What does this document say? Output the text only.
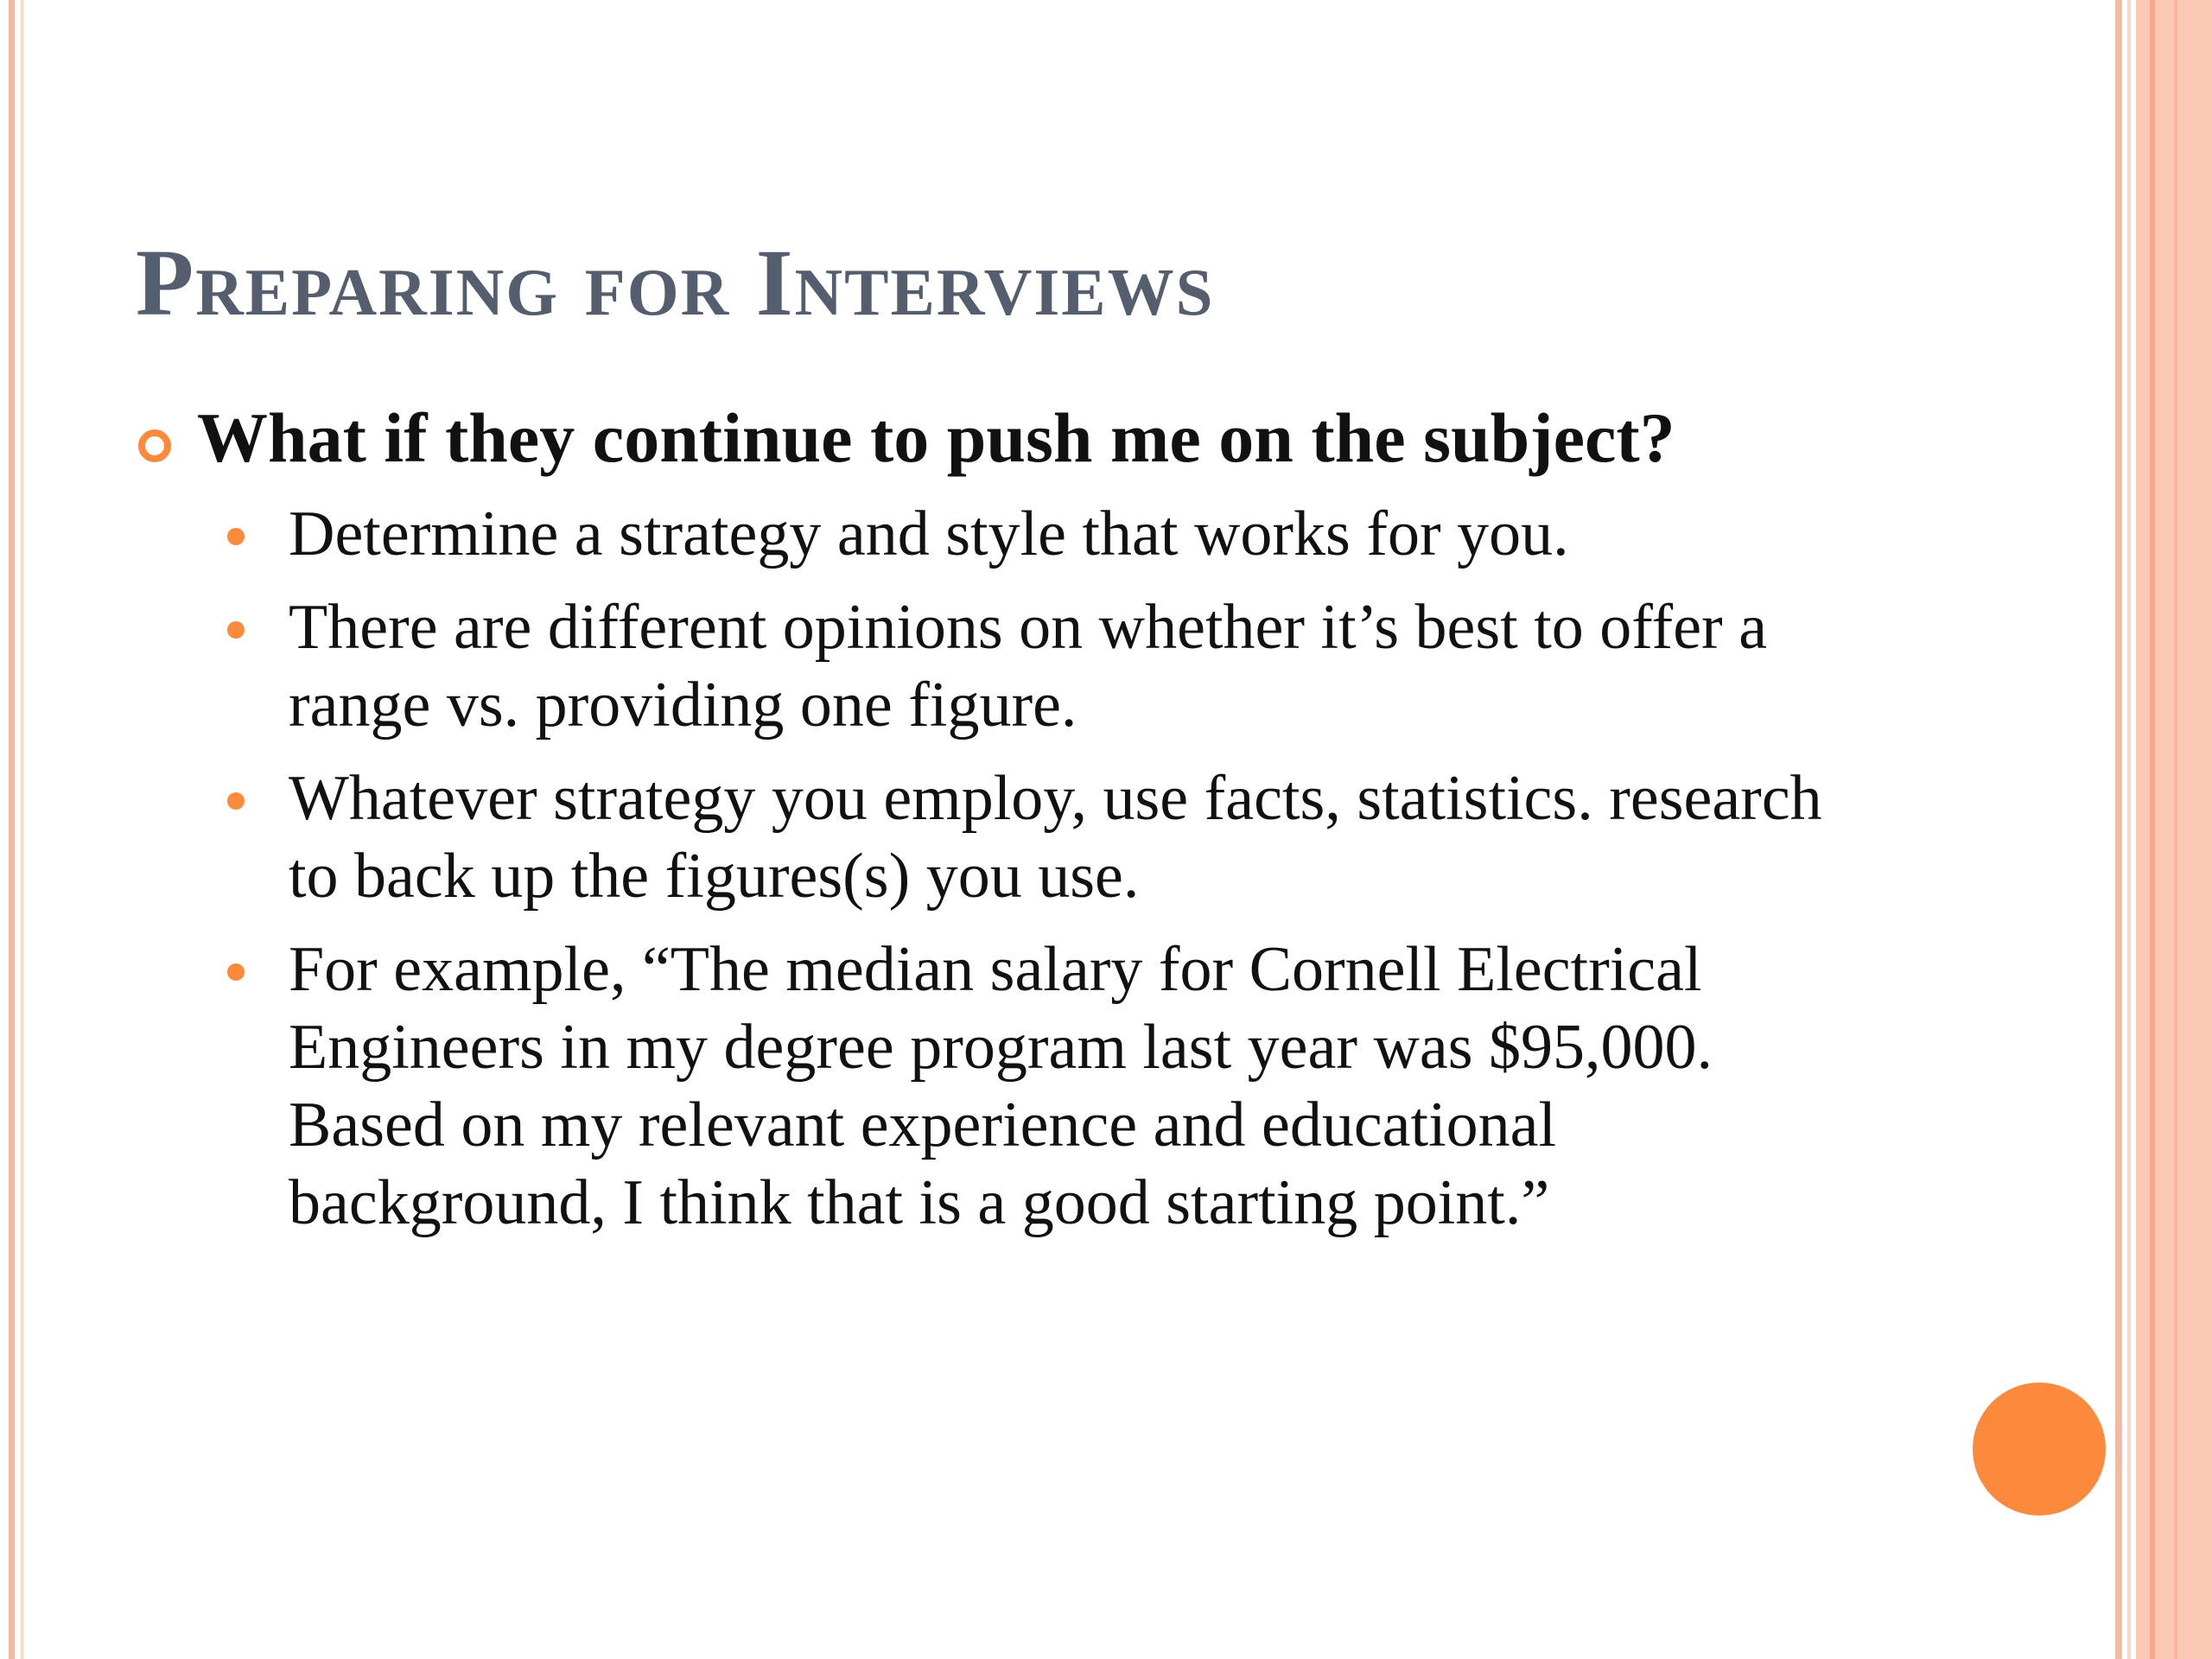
Preparing for Interviews
What if they continue to push me on the subject?
Determine a strategy and style that works for you.
There are different opinions on whether it’s best to offer a range vs. providing one figure.
Whatever strategy you employ, use facts, statistics. research to back up the figures(s) you use.
For example, “The median salary for Cornell Electrical Engineers in my degree program last year was $95,000. Based on my relevant experience and educational background, I think that is a good starting point.”
